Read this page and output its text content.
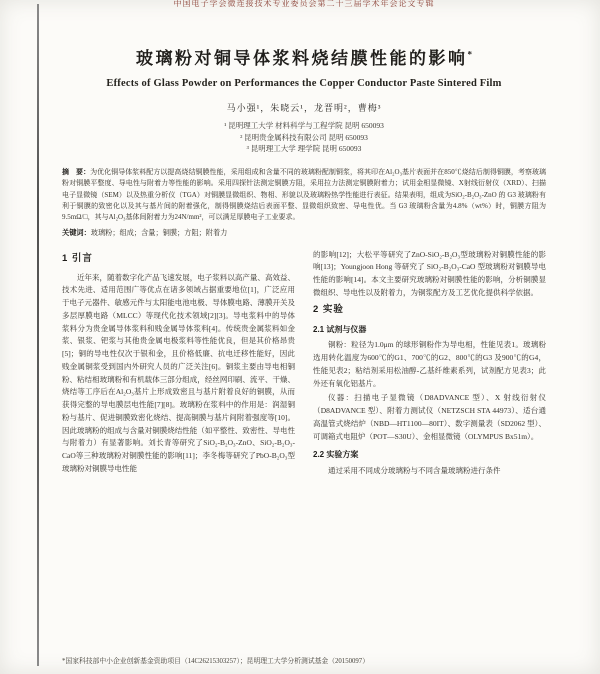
中国电子学会微连接技术专业委员会第二十三届学术年会论文专辑
玻璃粉对铜导体浆料烧结膜性能的影响*
Effects of Glass Powder on Performances the Copper Conductor Paste Sintered Film
马小强¹，朱晓云¹，龙晋明²，曹梅³
¹ 昆明理工大学 材料科学与工程学院 昆明 650093
² 昆明贵金属科技有限公司 昆明 650093
³ 昆明理工大学 理学院 昆明 650093
摘　要：为优化铜导体浆料配方以提高烧结铜膜性能，采用组成和含量不同的玻璃粉配制铜浆，将其印在Al₂O₃基片表面并在850℃烧结后制得铜膜，考察玻璃粉对铜膜平整度、导电性与附着力等性能的影响。采用四探针法测定铜膜方阻，采用拉力法测定铜膜附着力；试用金相显微镜、X射线衍射仪（XRD）、扫描电子显微镜（SEM）以及热重分析仪（TGA）对铜膜显微组织、物相、形貌以及玻璃粉热学性能进行表征。结果表明，组成为SiO₂-B₂O₃-ZnO 的 G3 玻璃粉有利于铜膜的致密化以及其与基片间的附着强化，制得铜膜烧结后表面平整、显微组织致密、导电性优。当 G3 玻璃粉含量为4.8%（wt%）时，铜膜方阻为9.5mΩ/□，其与Al₂O₃基体间附着力为24N/mm²，可以满足厚膜电子工业要求。
关键词：玻璃粉；组成；含量；铜膜；方阻；附着力
1 引言

近年来，随着数字化产品飞速发展，电子浆料以高产量、高效益、技术先进、适用范围广等优点在诸多领域占据重要地位[1]，广泛应用于电子元器件、敏感元件与太阳能电池电极、导体膜电路、薄膜开关及多层厚膜电路（MLCC）等现代化技术领域[2][3]。导电浆料中的导体浆料分为贵金属导体浆料和贱金属导体浆料[4]。传统贵金属浆料如金浆、银浆、钯浆与其他贵金属电极浆料等性能优良，但是其价格昂贵[5]；铜的导电性仅次于银和金，且价格低廉、抗电迁移性能好，因此贱金属铜浆受到国内外研究人员的广泛关注[6]。铜浆主要由导电相铜粉、粘结相玻璃粉和有机载体三部分组成，经丝网印刷、流平、干燥、烧结等工序后在Al₂O₃基片上形成致密且与基片附着良好的铜膜，从而获得完整的导电膜层电性能[7][8]。玻璃粉在浆料中的作用是：润湿铜粉与基片、促进铜膜致密化烧结、提高铜膜与基片间附着强度等[10]。因此玻璃粉的组成与含量对铜膜烧结性能（如平整性、致密性、导电性与附着力）有显著影响。刘长青等研究了SiO₂-B₂O₃-ZnO、SiO₂-B₂O₃-CaO等三种玻璃粉对铜膜性能的影响[11]；李冬梅等研究了PbO-B₂O₃型玻璃粉对铜膜导电性能

的影响[12]；大松平等研究了ZnO-SiO₂-B₂O₃型玻璃粉对铜膜性能的影响[13]；Youngjoon Hong 等研究了 SiO₂-B₂O₃-CaO 型玻璃粉对铜膜导电性能的影响[14]。本文主要研究玻璃粉对铜膜性能的影响，分析铜膜显微组织、导电性以及附着力，为铜浆配方及工艺优化提供科学依据。

2 实验
2.1 试剂与仪器

铜粉：粒径为1.0μm 的球形铜粉作为导电相，性能见表1。玻璃粉选用转化温度为600℃的G1、700℃的G2、800℃的G3 及900℃的G4，性能见表2；粘结剂采用松油醇-乙基纤维素系列，试剂配方见表3；此外还有氧化铝基片。

仪器：扫描电子显微镜（D8ADVANCE 型）、X 射线衍射仪（D8ADVANCE 型）、附着力测试仪（NETZSCH STA 44973）、适台通高温管式烧结炉（NBD—HT1100—80IT）、数字测量表（SD2062 型）、可调箱式电阻炉（POT—S30U）、金相显微镜（OLYMPUS Bx51m）。

2.2 实验方案

通过采用不同成分玻璃粉与不同含量玻璃粉进行条件

*国家科技部中小企业创新基金资助项目（14C26215303257）；昆明理工大学分析测试基金（20150097）
